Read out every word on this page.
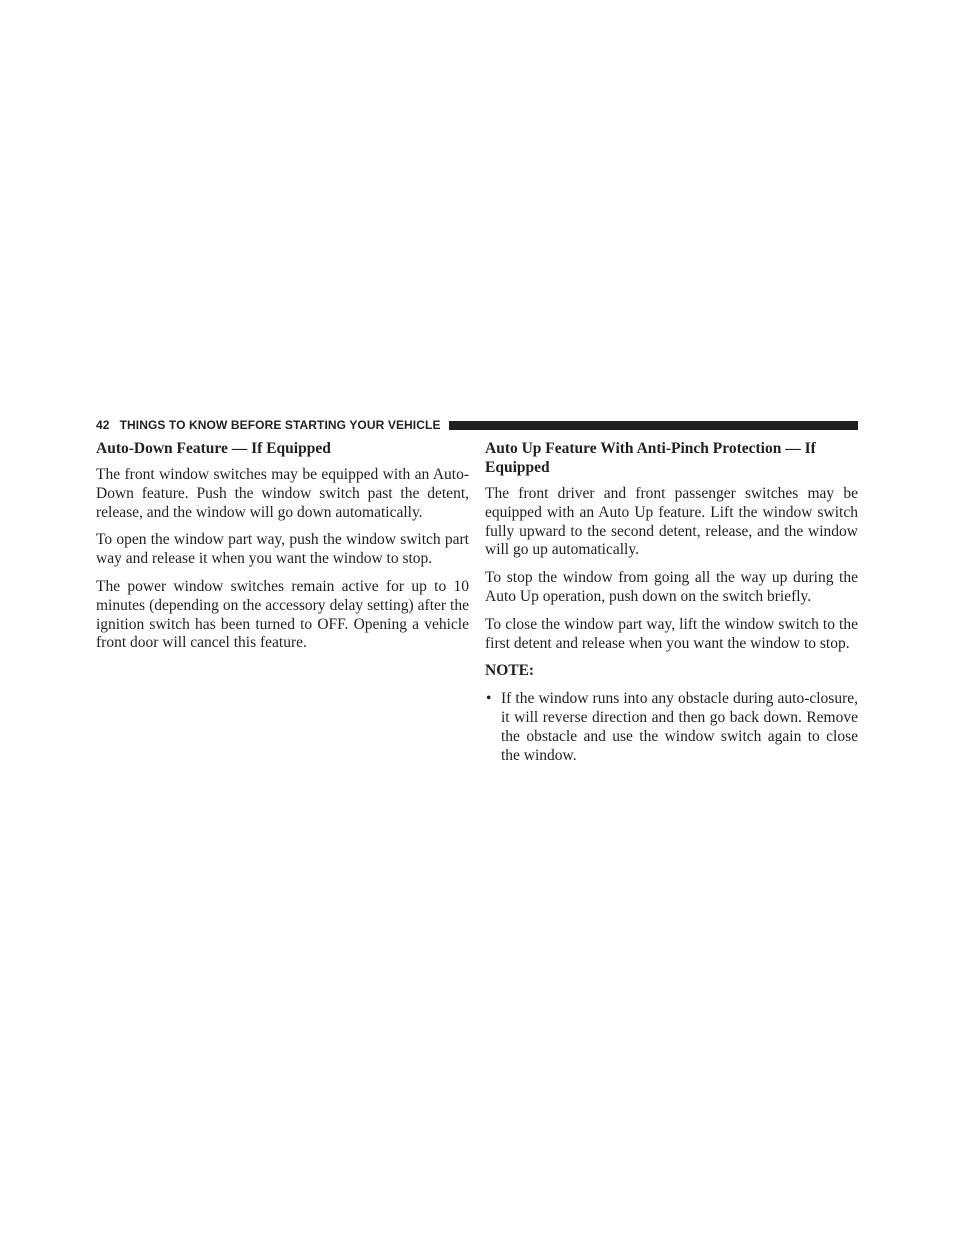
42 THINGS TO KNOW BEFORE STARTING YOUR VEHICLE
Auto-Down Feature — If Equipped

The front window switches may be equipped with an Auto-Down feature. Push the window switch past the detent, release, and the window will go down automatically.

To open the window part way, push the window switch part way and release it when you want the window to stop.

The power window switches remain active for up to 10 minutes (depending on the accessory delay setting) after the ignition switch has been turned to OFF. Opening a vehicle front door will cancel this feature.

Auto Up Feature With Anti-Pinch Protection — If Equipped

The front driver and front passenger switches may be equipped with an Auto Up feature. Lift the window switch fully upward to the second detent, release, and the window will go up automatically.

To stop the window from going all the way up during the Auto Up operation, push down on the switch briefly.

To close the window part way, lift the window switch to the first detent and release when you want the window to stop.

NOTE:

• If the window runs into any obstacle during auto-closure, it will reverse direction and then go back down. Remove the obstacle and use the window switch again to close the window.
